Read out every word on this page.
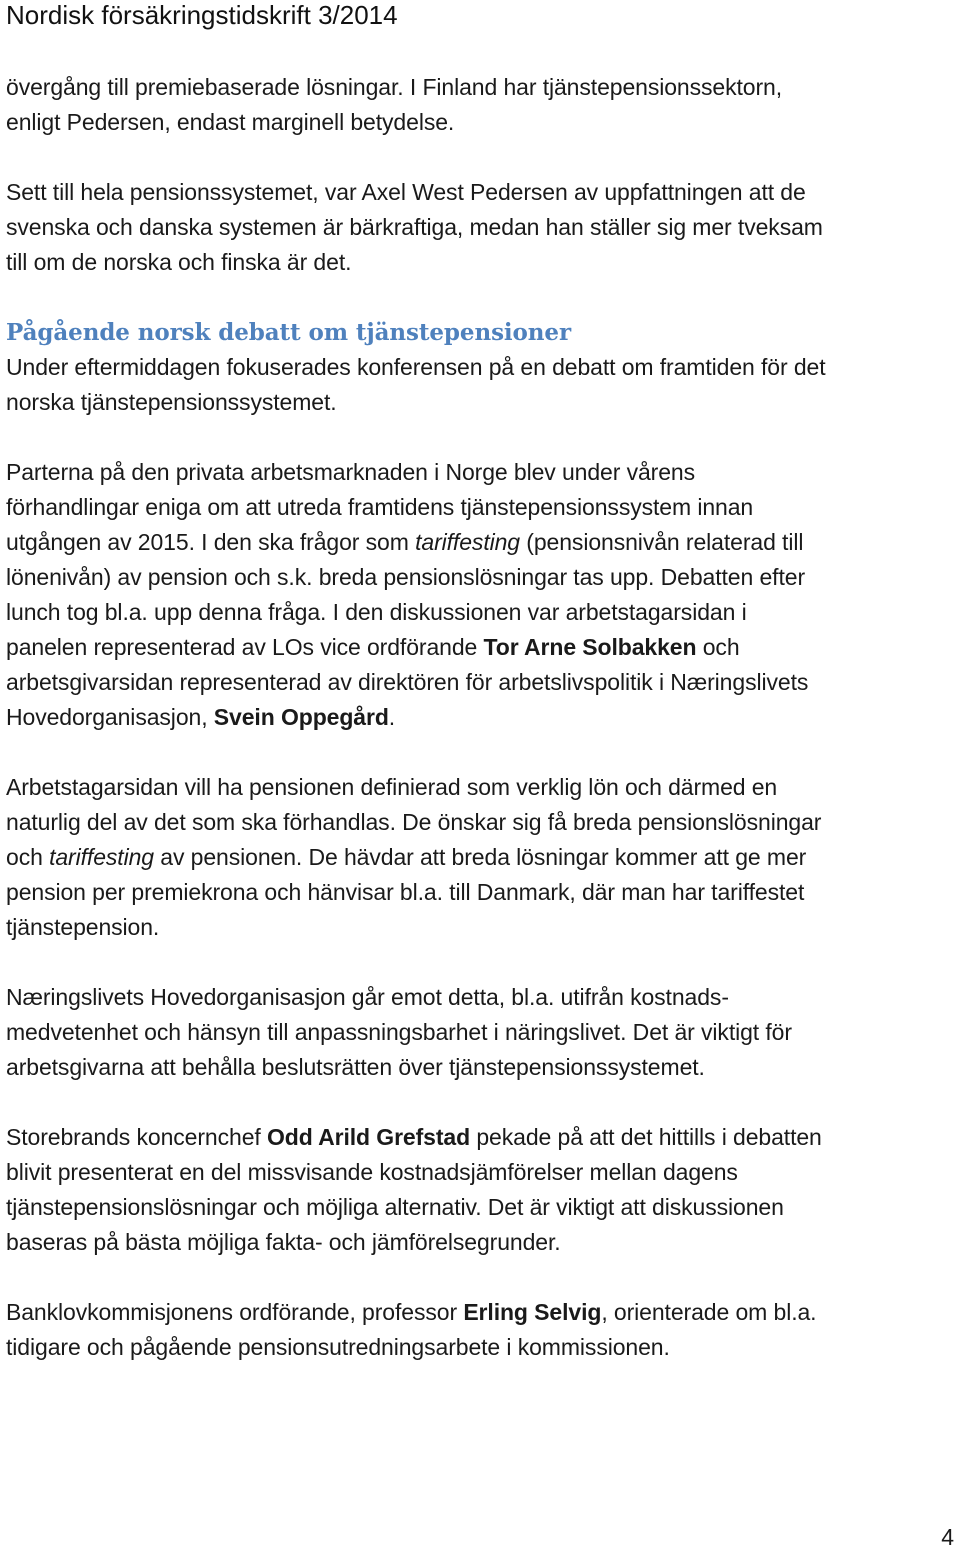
Nordisk försäkringstidskrift 3/2014

övergång till premiebaserade lösningar. I Finland har tjänstepensionssektorn,
enligt Pedersen, endast marginell betydelse.

Sett till hela pensionssystemet, var Axel West Pedersen av uppfattningen att de
svenska och danska systemen är bärkraftiga, medan han ställer sig mer tveksam
till om de norska och finska är det.

Pågående norsk debatt om tjänstepensioner

Under eftermiddagen fokuserades konferensen på en debatt om framtiden för det
norska tjänstepensionssystemet.

Parterna på den privata arbetsmarknaden i Norge blev under vårens
förhandlingar eniga om att utreda framtidens tjänstepensionssystem innan
utgången av 2015. I den ska frågor som tariffesting (pensionsnivån relaterad till
lönenivån) av pension och s.k. breda pensionslösningar tas upp. Debatten efter
lunch tog bl.a. upp denna fråga. I den diskussionen var arbetstagarsidan i
panelen representerad av LOs vice ordförande Tor Arne Solbakken och
arbetsgivarsidan representerad av direktören för arbetslivspolitik i Næringslivets
Hovedorganisasjon, Svein Oppegård.

Arbetstagarsidan vill ha pensionen definierad som verklig lön och därmed en
naturlig del av det som ska förhandlas. De önskar sig få breda pensionslösningar
och tariffesting av pensionen. De hävdar att breda lösningar kommer att ge mer
pension per premiekrona och hänvisar bl.a. till Danmark, där man har tariffestet
tjänstepension.

Næringslivets Hovedorganisasjon går emot detta, bl.a. utifrån kostnads-
medvetenhet och hänsyn till anpassningsbarhet i näringslivet. Det är viktigt för
arbetsgivarna att behålla beslutsrätten över tjänstepensionssystemet.

Storebrands koncernchef Odd Arild Grefstad pekade på att det hittills i debatten
blivit presenterat en del missvisande kostnadsjämförelser mellan dagens
tjänstepensionslösningar och möjliga alternativ. Det är viktigt att diskussionen
baseras på bästa möjliga fakta- och jämförelsegrunder.

Banklovkommisjonens ordförande, professor Erling Selvig, orienterade om bl.a.
tidigare och pågående pensionsutredningsarbete i kommissionen.

4
